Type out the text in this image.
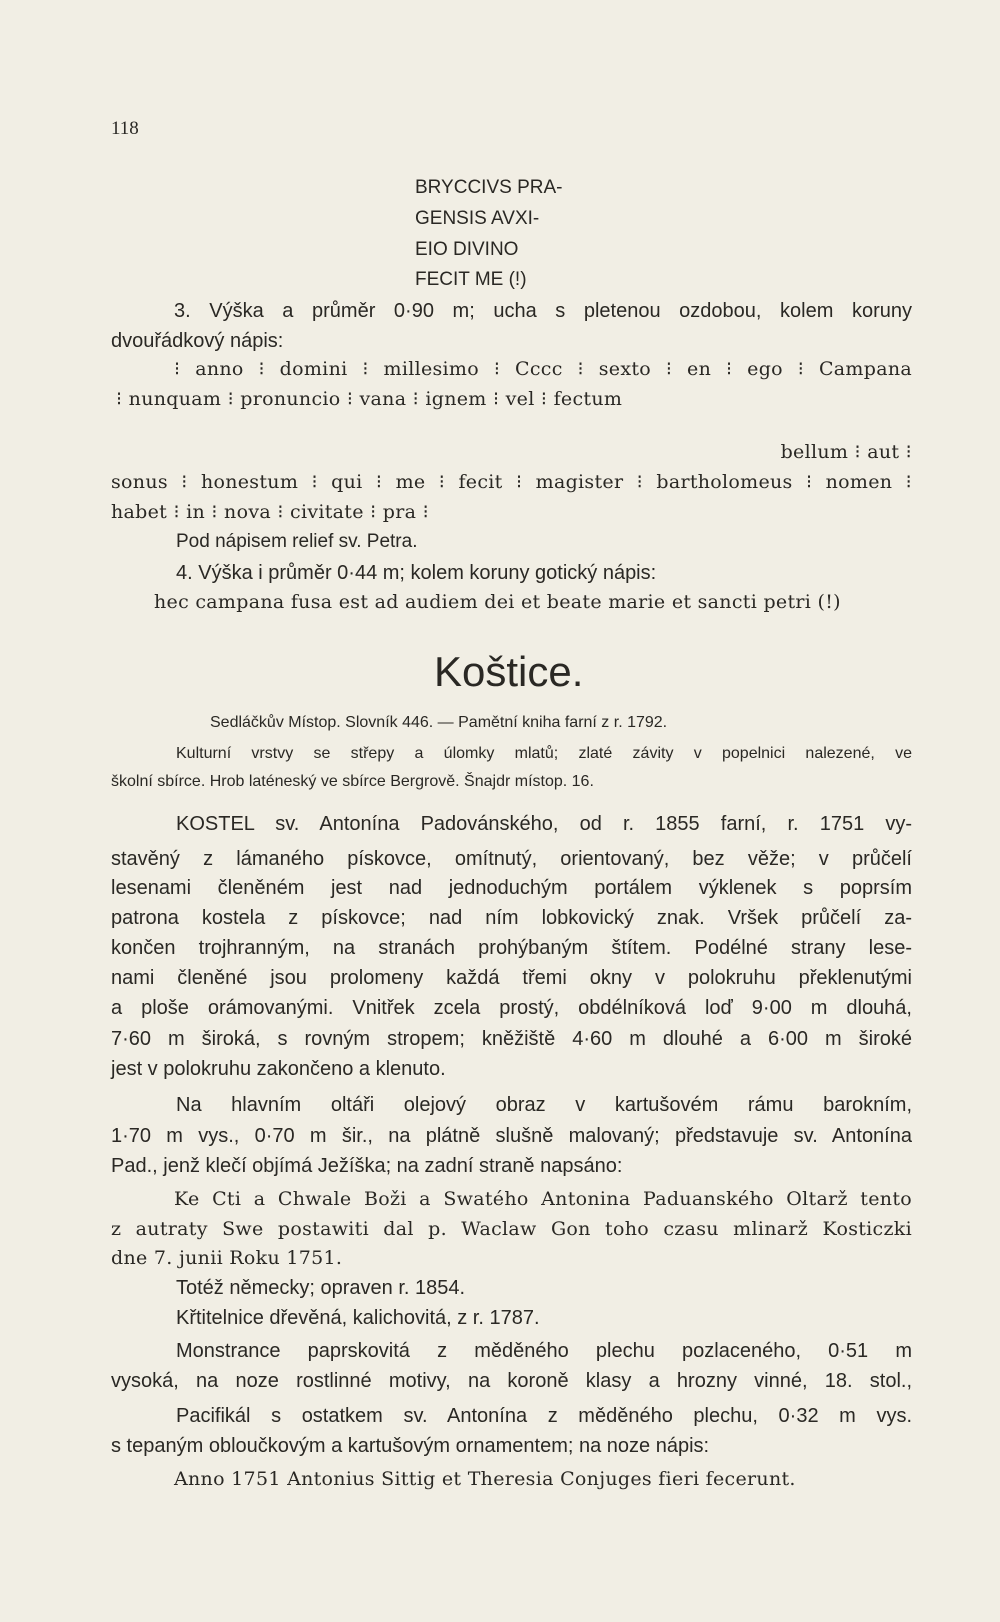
118
BRYCCIVS PRA-
GENSIS AVXI-
EIO DIVINO
FECIT ME (!)
3. Výška a průměr 0·90 m; ucha s pletenou ozdobou, kolem koruny
dvouřádkový nápis:
⁝ anno ⁝ domini ⁝ millesimo ⁝ Cccc ⁝ sexto ⁝ en ⁝ ego ⁝ Campana
⁝ nunquam ⁝ pronuncio ⁝ vana ⁝ ignem ⁝ vel ⁝ fectum
bellum ⁝ aut ⁝
sonus ⁝ honestum ⁝ qui ⁝ me ⁝ fecit ⁝ magister ⁝ bartholomeus ⁝ nomen ⁝
habet ⁝ in ⁝ nova ⁝ civitate ⁝ pra ⁝
Pod nápisem relief sv. Petra.
4. Výška i průměr 0·44 m; kolem koruny gotický nápis:
hec campana fusa est ad audiem dei et beate marie et sancti petri (!)
Koštice.
Sedláčkův Místop. Slovník 446. — Pamětní kniha farní z r. 1792.
Kulturní vrstvy se střepy a úlomky mlatů; zlaté závity v popelnici nalezené, ve
školní sbírce. Hrob laténeský ve sbírce Bergrově. Šnajdr místop. 16.
KOSTEL sv. Antonína Padovánského, od r. 1855 farní, r. 1751 vy-
stavěný z lámaného pískovce, omítnutý, orientovaný, bez věže; v průčelí
lesenami členěném jest nad jednoduchým portálem výklenek s poprsím
patrona kostela z pískovce; nad ním lobkovický znak. Vršek průčelí za-
končen trojhranným, na stranách prohýbaným štítem. Podélné strany lese-
nami členěné jsou prolomeny každá třemi okny v polokruhu překlenutými
a ploše orámovanými. Vnitřek zcela prostý, obdélníková loď 9·00 m dlouhá,
7·60 m široká, s rovným stropem; kněžiště 4·60 m dlouhé a 6·00 m široké
jest v polokruhu zakončeno a klenuto.
Na hlavním oltáři olejový obraz v kartušovém rámu barokním,
1·70 m vys., 0·70 m šir., na plátně slušně malovaný; představuje sv. Antonína
Pad., jenž klečí objímá Ježíška; na zadní straně napsáno:
Ke Cti a Chwale Boži a Swatého Antonina Paduanského Oltarž tento
z autraty Swe postawiti dal p. Waclaw Gon toho czasu mlinarž Kosticzki
dne 7. junii Roku 1751.
Totéž německy; opraven r. 1854.
Křtitelnice dřevěná, kalichovitá, z r. 1787.
Monstrance paprskovitá z měděného plechu pozlaceného, 0·51 m
vysoká, na noze rostlinné motivy, na koroně klasy a hrozny vinné, 18. stol.,
Pacifikál s ostatkem sv. Antonína z měděného plechu, 0·32 m vys.
s tepaným obloučkovým a kartušovým ornamentem; na noze nápis:
Anno 1751 Antonius Sittig et Theresia Conjuges fieri fecerunt.
